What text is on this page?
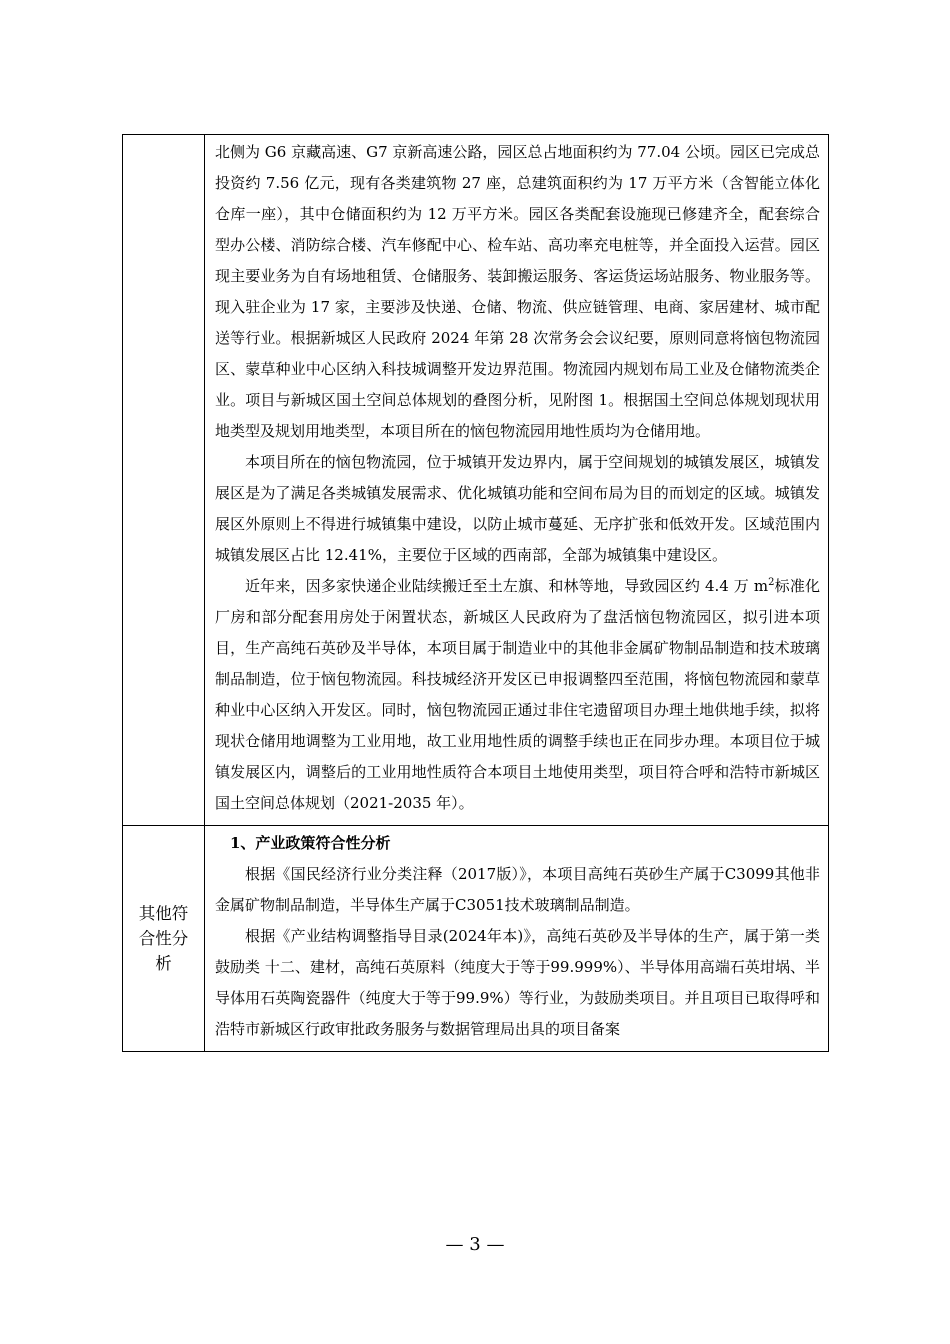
北侧为 G6 京藏高速、G7 京新高速公路，园区总占地面积约为 77.04 公顷。园区已完成总投资约 7.56 亿元，现有各类建筑物 27 座，总建筑面积约为 17 万平方米（含智能立体化仓库一座），其中仓储面积约为 12 万平方米。园区各类配套设施现已修建齐全，配套综合型办公楼、消防综合楼、汽车修配中心、检车站、高功率充电桩等，并全面投入运营。园区现主要业务为自有场地租赁、仓储服务、装卸搬运服务、客运货运场站服务、物业服务等。现入驻企业为 17 家，主要涉及快递、仓储、物流、供应链管理、电商、家居建材、城市配送等行业。根据新城区人民政府 2024 年第 28 次常务会会议纪要，原则同意将恼包物流园区、蒙草种业中心区纳入科技城调整开发边界范围。物流园内规划布局工业及仓储物流类企业。项目与新城区国土空间总体规划的叠图分析，见附图 1。根据国土空间总体规划现状用地类型及规划用地类型，本项目所在的恼包物流园用地性质均为仓储用地。

本项目所在的恼包物流园，位于城镇开发边界内，属于空间规划的城镇发展区，城镇发展区是为了满足各类城镇发展需求、优化城镇功能和空间布局为目的而划定的区域。城镇发展区外原则上不得进行城镇集中建设，以防止城市蔓延、无序扩张和低效开发。区域范围内城镇发展区占比 12.41%，主要位于区域的西南部，全部为城镇集中建设区。

近年来，因多家快递企业陆续搬迁至土左旗、和林等地，导致园区约 4.4 万 $m^2$标准化厂房和部分配套用房处于闲置状态，新城区人民政府为了盘活恼包物流园区，拟引进本项目，生产高纯石英砂及半导体，本项目属于制造业中的其他非金属矿物制品制造和技术玻璃制品制造，位于恼包物流园。科技城经济开发区已申报调整四至范围，将恼包物流园和蒙草种业中心区纳入开发区。同时，恼包物流园正通过非住宅遗留项目办理土地供地手续，拟将现状仓储用地调整为工业用地，故工业用地性质的调整手续也正在同步办理。本项目位于城镇发展区内，调整后的工业用地性质符合本项目土地使用类型，项目符合呼和浩特市新城区国土空间总体规划（2021-2035 年）。

其他符合性分析

1、产业政策符合性分析

根据《国民经济行业分类注释（2017版）》，本项目高纯石英砂生产属于C3099其他非金属矿物制品制造，半导体生产属于C3051技术玻璃制品制造。

根据《产业结构调整指导目录(2024年本)》，高纯石英砂及半导体的生产，属于第一类 鼓励类 十二、建材，高纯石英原料（纯度大于等于99.999%）、半导体用高端石英坩埚、半导体用石英陶瓷器件（纯度大于等于99.9%）等行业，为鼓励类项目。并且项目已取得呼和浩特市新城区行政审批政务服务与数据管理局出具的项目备案

— 3 —
